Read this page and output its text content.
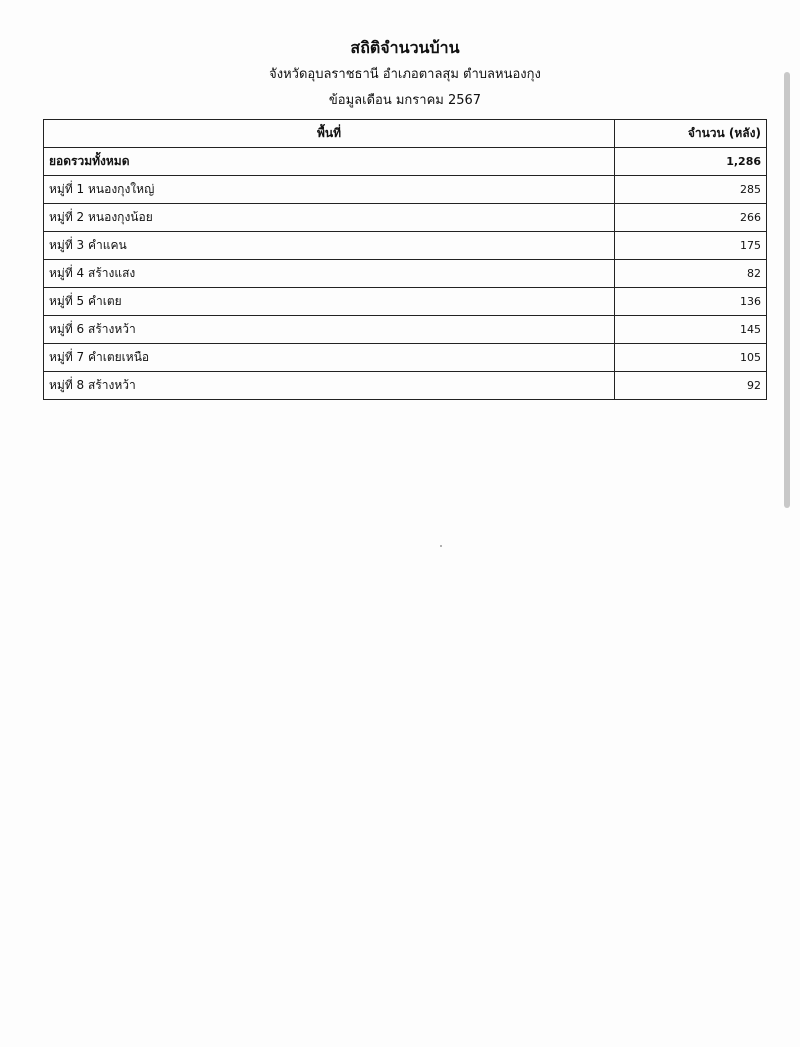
สถิติจำนวนบ้าน
จังหวัดอุบลราชธานี อำเภอตาลสุม ตำบลหนองกุง
ข้อมูลเดือน มกราคม 2567
พื้นที่	จำนวน (หลัง)
ยอดรวมทั้งหมด	1,286
หมู่ที่ 1 หนองกุงใหญ่	285
หมู่ที่ 2 หนองกุงน้อย	266
หมู่ที่ 3 คำแคน	175
หมู่ที่ 4 สร้างแสง	82
หมู่ที่ 5 คำเตย	136
หมู่ที่ 6 สร้างหว้า	145
หมู่ที่ 7 คำเตยเหนือ	105
หมู่ที่ 8 สร้างหว้า	92
